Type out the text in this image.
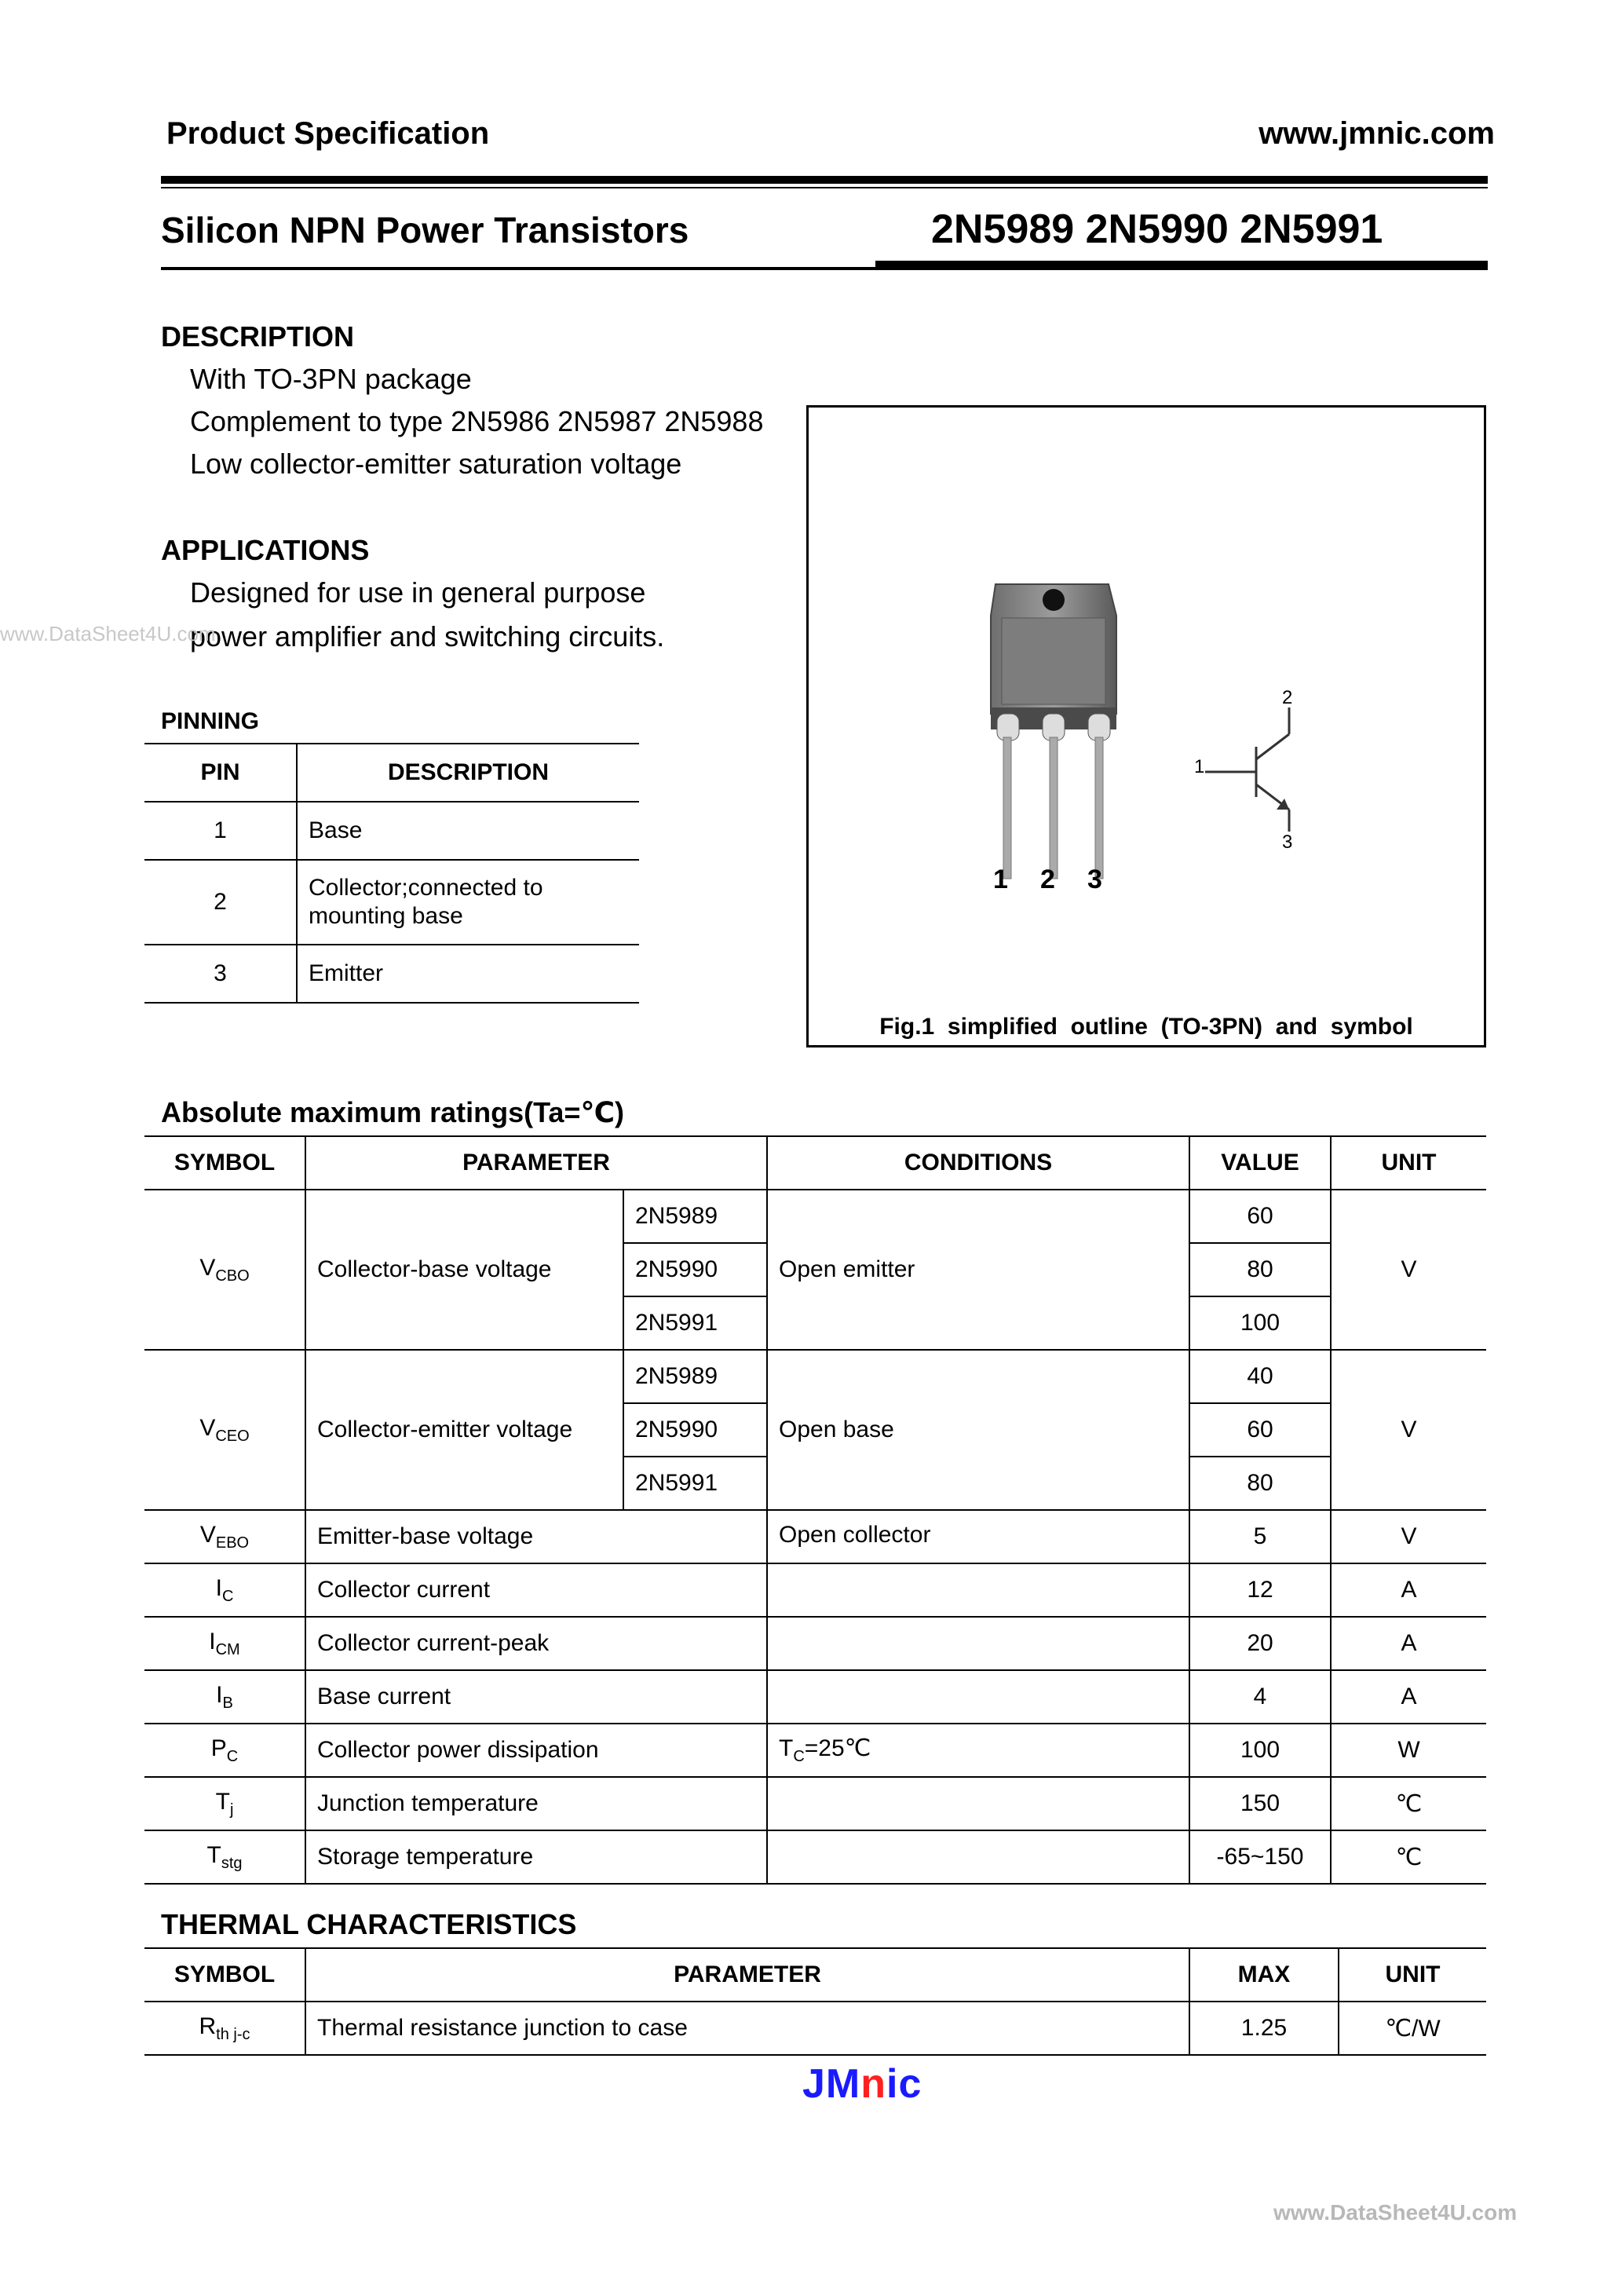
Product Specification	www.jmnic.com
Silicon NPN Power Transistors	2N5989 2N5990 2N5991
DESCRIPTION
With TO-3PN package
Complement to type 2N5986 2N5987 2N5988
Low collector-emitter saturation voltage
APPLICATIONS
Designed for use in general purpose
power amplifier and switching circuits.
www.DataSheet4U.com
PINNING
PIN	DESCRIPTION
1	Base
2	Collector;connected to mounting base
3	Emitter
1 2 3
1
2
3
Fig.1  simplified  outline  (TO-3PN)  and  symbol
Absolute maximum ratings(Ta=℃)
SYMBOL	PARAMETER		CONDITIONS	VALUE	UNIT
$V_{CBO}$	Collector-base voltage	2N5989	Open emitter	60	V
		2N5990		80	
		2N5991		100	
$V_{CEO}$	Collector-emitter voltage	2N5989	Open base	40	V
		2N5990		60	
		2N5991		80	
$V_{EBO}$	Emitter-base voltage		Open collector	5	V
$I_C$	Collector current			12	A
$I_{CM}$	Collector current-peak			20	A
$I_B$	Base current			4	A
$P_C$	Collector power dissipation		$T_C=25℃$	100	W
$T_j$	Junction temperature			150	℃
$T_{stg}$	Storage temperature			-65~150	℃
THERMAL CHARACTERISTICS
SYMBOL	PARAMETER	MAX	UNIT
$R_{th j-c}$	Thermal resistance junction to case	1.25	℃/W
JMnic
www.DataSheet4U.com
